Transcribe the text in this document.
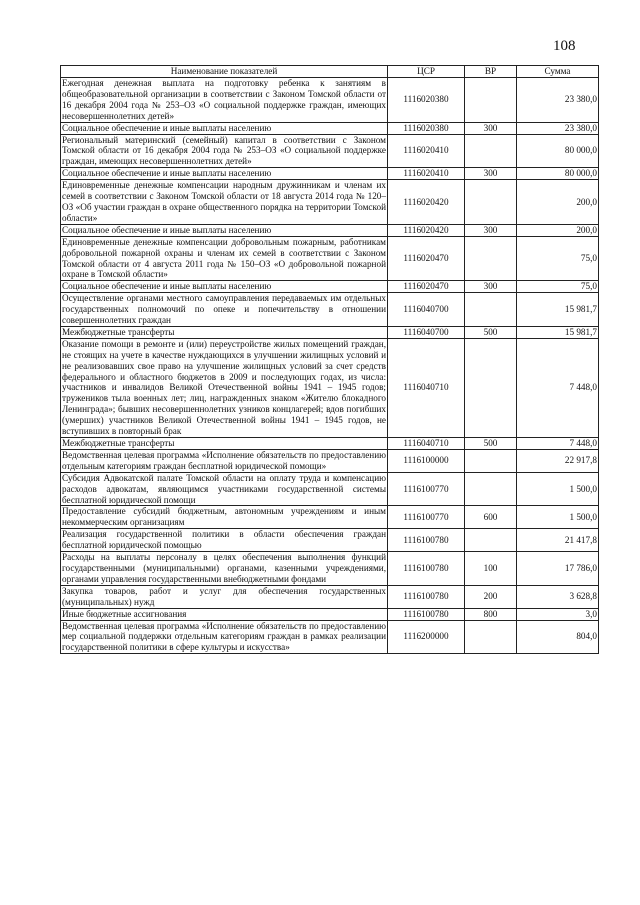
108
Наименование показателей	ЦСР	ВР	Сумма
Ежегодная денежная выплата на подготовку ребенка к занятиям в общеобразовательной организации в соответствии с Законом Томской области от 16 декабря 2004 года № 253–ОЗ «О социальной поддержке граждан, имеющих несовершеннолетних детей»	1116020380		23 380,0
Социальное обеспечение и иные выплаты населению	1116020380	300	23 380,0
Региональный материнский (семейный) капитал в соответствии с Законом Томской области от 16 декабря 2004 года № 253–ОЗ «О социальной поддержке граждан, имеющих несовершеннолетних детей»	1116020410		80 000,0
Социальное обеспечение и иные выплаты населению	1116020410	300	80 000,0
Единовременные денежные компенсации народным дружинникам и членам их семей в соответствии с Законом Томской области от 18 августа 2014 года № 120–ОЗ «Об участии граждан в охране общественного порядка на территории Томской области»	1116020420		200,0
Социальное обеспечение и иные выплаты населению	1116020420	300	200,0
Единовременные денежные компенсации добровольным пожарным, работникам добровольной пожарной охраны и членам их семей в соответствии с Законом Томской области от 4 августа 2011 года № 150–ОЗ «О добровольной пожарной охране в Томской области»	1116020470		75,0
Социальное обеспечение и иные выплаты населению	1116020470	300	75,0
Осуществление органами местного самоуправления передаваемых им отдельных государственных полномочий по опеке и попечительству в отношении совершеннолетних граждан	1116040700		15 981,7
Межбюджетные трансферты	1116040700	500	15 981,7
Оказание помощи в ремонте и (или) переустройстве жилых помещений граждан, не стоящих на учете в качестве нуждающихся в улучшении жилищных условий и не реализовавших свое право на улучшение жилищных условий за счет средств федерального и областного бюджетов в 2009 и последующих годах, из числа: участников и инвалидов Великой Отечественной войны 1941 – 1945 годов; тружеников тыла военных лет; лиц, награжденных знаком «Жителю блокадного Ленинграда»; бывших несовершеннолетних узников концлагерей; вдов погибших (умерших) участников Великой Отечественной войны 1941 – 1945 годов, не вступивших в повторный брак	1116040710		7 448,0
Межбюджетные трансферты	1116040710	500	7 448,0
Ведомственная целевая программа «Исполнение обязательств по предоставлению отдельным категориям граждан бесплатной юридической помощи»	1116100000		22 917,8
Субсидия Адвокатской палате Томской области на оплату труда и компенсацию расходов адвокатам, являющимся участниками государственной системы бесплатной юридической помощи	1116100770		1 500,0
Предоставление субсидий бюджетным, автономным учреждениям и иным некоммерческим организациям	1116100770	600	1 500,0
Реализация государственной политики в области обеспечения граждан бесплатной юридической помощью	1116100780		21 417,8
Расходы на выплаты персоналу в целях обеспечения выполнения функций государственными (муниципальными) органами, казенными учреждениями, органами управления государственными внебюджетными фондами	1116100780	100	17 786,0
Закупка товаров, работ и услуг для обеспечения государственных (муниципальных) нужд	1116100780	200	3 628,8
Иные бюджетные ассигнования	1116100780	800	3,0
Ведомственная целевая программа «Исполнение обязательств по предоставлению мер социальной поддержки отдельным категориям граждан в рамках реализации государственной политики в сфере культуры и искусства»	1116200000		804,0
